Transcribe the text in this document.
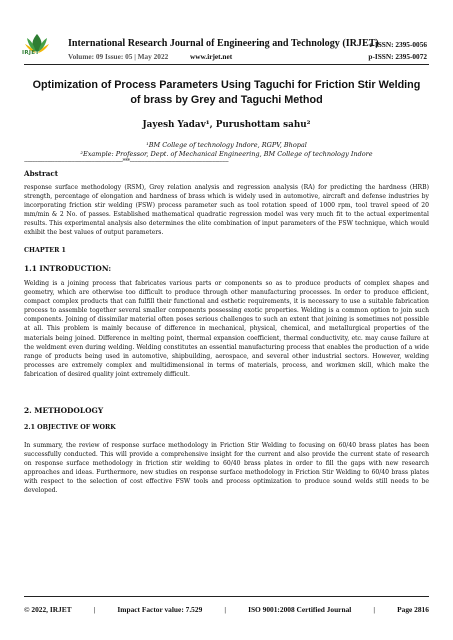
IRJET
International Research Journal of Engineering and Technology (IRJET)
Volume: 09 Issue: 05 | May 2022	www.irjet.net
e-ISSN: 2395-0056
p-ISSN: 2395-0072
Optimization of Process Parameters Using Taguchi for Friction Stir Welding of brass by Grey and Taguchi Method
Jayesh Yadav¹, Purushottam sahu²
¹BM College of technology Indore, RGPV, Bhopal
²Example: Professor, Dept. of Mechanical Engineering, BM College of technology Indore
---------------------------------------------------------------------***---------------------------------------------------------------------
Abstract
response surface methodology (RSM), Grey relation analysis and regression analysis (RA) for predicting the hardness (HRB) strength, percentage of elongation and hardness of brass which is widely used in automotive, aircraft and defense industries by incorporating friction stir welding (FSW) process parameter such as tool rotation speed of 1000 rpm, tool travel speed of 20 mm/min & 2 No. of passes. Established mathematical quadratic regression model was very much fit to the actual experimental results. This experimental analysis also determines the elite combination of input parameters of the FSW technique, which would exhibit the best values of output parameters.
CHAPTER 1
1.1 INTRODUCTION:
Welding is a joining process that fabricates various parts or components so as to produce products of complex shapes and geometry, which are otherwise too difficult to produce through other manufacturing processes. In order to produce efficient, compact complex products that can fulfill their functional and esthetic requirements, it is necessary to use a suitable fabrication process to assemble together several smaller components possessing exotic properties. Welding is a common option to join such components. Joining of dissimilar material often poses serious challenges to such an extent that joining is sometimes not possible at all. This problem is mainly because of difference in mechanical, physical, chemical, and metallurgical properties of the materials being joined. Difference in melting point, thermal expansion coefficient, thermal conductivity, etc. may cause failure at the weldment even during welding. Welding constitutes an essential manufacturing process that enables the production of a wide range of products being used in automotive, shipbuilding, aerospace, and several other industrial sectors. However, welding processes are extremely complex and multidimensional in terms of materials, process, and workmen skill, which make the fabrication of desired quality joint extremely difficult.
2. METHODOLOGY
2.1 OBJECTIVE OF WORK
In summary, the review of response surface methodology in Friction Stir Welding to focusing on 60/40 brass plates has been successfully conducted. This will provide a comprehensive insight for the current and also provide the current state of research on response surface methodology in friction stir welding to 60/40 brass plates in order to fill the gaps with new research approaches and ideas. Furthermore, new studies on response surface methodology in Friction Stir Welding to 60/40 brass plates with respect to the selection of cost effective FSW tools and process optimization to produce sound welds still needs to be developed.
© 2022, IRJET	|	Impact Factor value: 7.529	|	ISO 9001:2008 Certified Journal	|	Page 2816
